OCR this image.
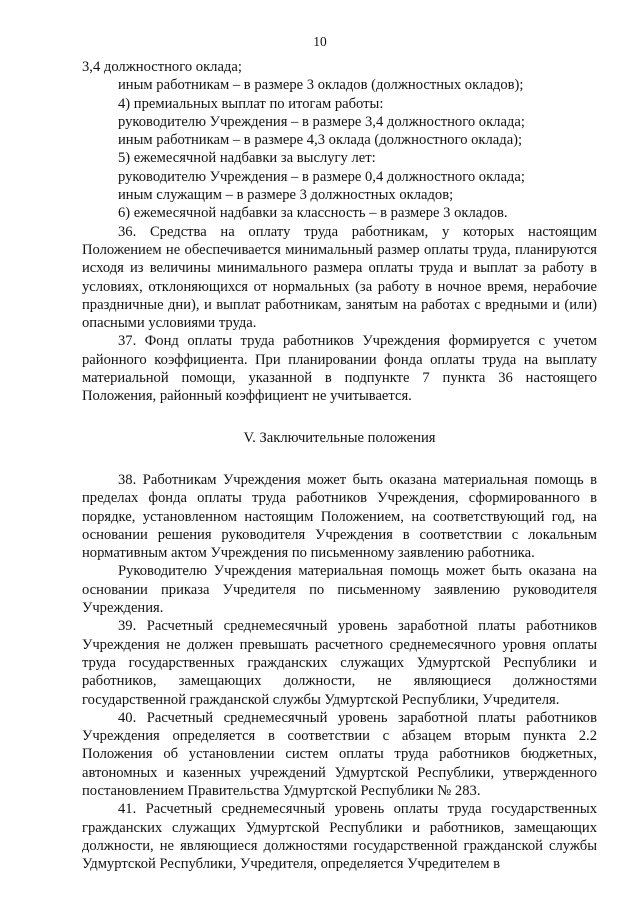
10

3,4 должностного оклада;

иным работникам – в размере 3 окладов (должностных окладов);

4) премиальных выплат по итогам работы:

руководителю Учреждения – в размере 3,4 должностного оклада;

иным работникам – в размере 4,3 оклада (должностного оклада);

5) ежемесячной надбавки за выслугу лет:

руководителю Учреждения – в размере 0,4 должностного оклада;

иным служащим – в размере 3 должностных окладов;

6) ежемесячной надбавки за классность – в размере 3 окладов.

36. Средства на оплату труда работникам, у которых настоящим Положением не обеспечивается минимальный размер оплаты труда, планируются исходя из величины минимального размера оплаты труда и выплат за работу в условиях, отклоняющихся от нормальных (за работу в ночное время, нерабочие праздничные дни), и выплат работникам, занятым на работах с вредными и (или) опасными условиями труда.

37. Фонд оплаты труда работников Учреждения формируется с учетом районного коэффициента. При планировании фонда оплаты труда на выплату материальной помощи, указанной в подпункте 7 пункта 36 настоящего Положения, районный коэффициент не учитывается.

V. Заключительные положения

38. Работникам Учреждения может быть оказана материальная помощь в пределах фонда оплаты труда работников Учреждения, сформированного в порядке, установленном настоящим Положением, на соответствующий год, на основании решения руководителя Учреждения в соответствии с локальным нормативным актом Учреждения по письменному заявлению работника.

Руководителю Учреждения материальная помощь может быть оказана на основании приказа Учредителя по письменному заявлению руководителя Учреждения.

39. Расчетный среднемесячный уровень заработной платы работников Учреждения не должен превышать расчетного среднемесячного уровня оплаты труда государственных гражданских служащих Удмуртской Республики и работников, замещающих должности, не являющиеся должностями государственной гражданской службы Удмуртской Республики, Учредителя.

40. Расчетный среднемесячный уровень заработной платы работников Учреждения определяется в соответствии с абзацем вторым пункта 2.2 Положения об установлении систем оплаты труда работников бюджетных, автономных и казенных учреждений Удмуртской Республики, утвержденного постановлением Правительства Удмуртской Республики № 283.

41. Расчетный среднемесячный уровень оплаты труда государственных гражданских служащих Удмуртской Республики и работников, замещающих должности, не являющиеся должностями государственной гражданской службы Удмуртской Республики, Учредителя, определяется Учредителем в
